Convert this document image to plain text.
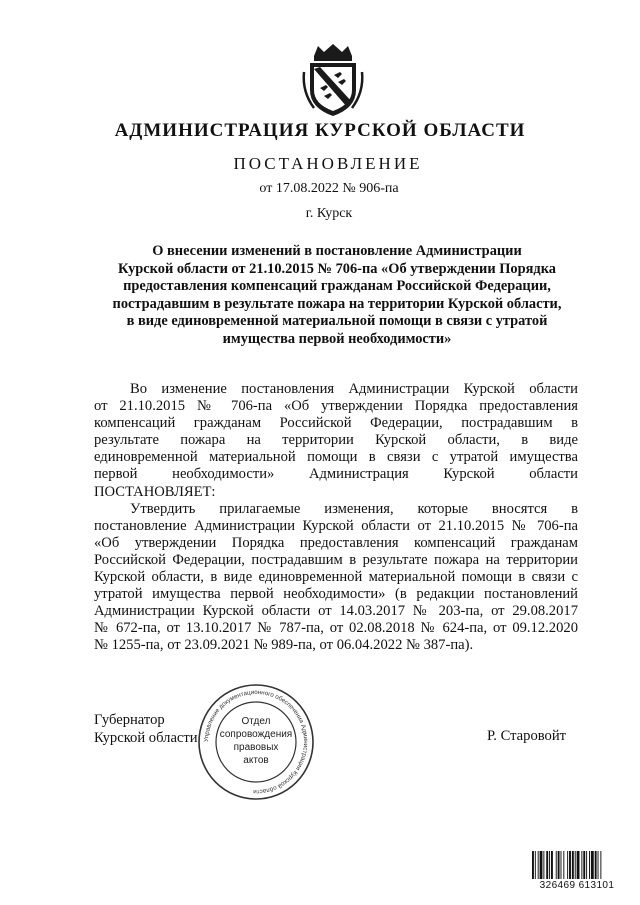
АДМИНИСТРАЦИЯ КУРСКОЙ ОБЛАСТИ
ПОСТАНОВЛЕНИЕ
от 17.08.2022 № 906-па
г. Курск

О внесении изменений в постановление Администрации
Курской области от 21.10.2015 № 706-па «Об утверждении Порядка
предоставления компенсаций гражданам Российской Федерации,
пострадавшим в результате пожара на территории Курской области,
в виде единовременной материальной помощи в связи с утратой
имущества первой необходимости»

Во изменение постановления Администрации Курской области
от 21.10.2015 № 706-па «Об утверждении Порядка предоставления
компенсаций гражданам Российской Федерации, пострадавшим в
результате пожара на территории Курской области, в виде
единовременной материальной помощи в связи с утратой имущества
первой необходимости» Администрация Курской области
ПОСТАНОВЛЯЕТ:
Утвердить прилагаемые изменения, которые вносятся в
постановление Администрации Курской области от 21.10.2015 № 706-па
«Об утверждении Порядка предоставления компенсаций гражданам
Российской Федерации, пострадавшим в результате пожара на территории
Курской области, в виде единовременной материальной помощи в связи с
утратой имущества первой необходимости» (в редакции постановлений
Администрации Курской области от 14.03.2017 № 203-па, от 29.08.2017
№ 672-па, от 13.10.2017 № 787-па, от 02.08.2018 № 624-па, от 09.12.2020
№ 1255-па, от 23.09.2021 № 989-па, от 06.04.2022 № 387-па).
Губернатор
Курской области	Р. Старовойт
Управление документационного обеспечения Администрации Курской области
Отдел
сопровождения
правовых
актов
326469 613101
